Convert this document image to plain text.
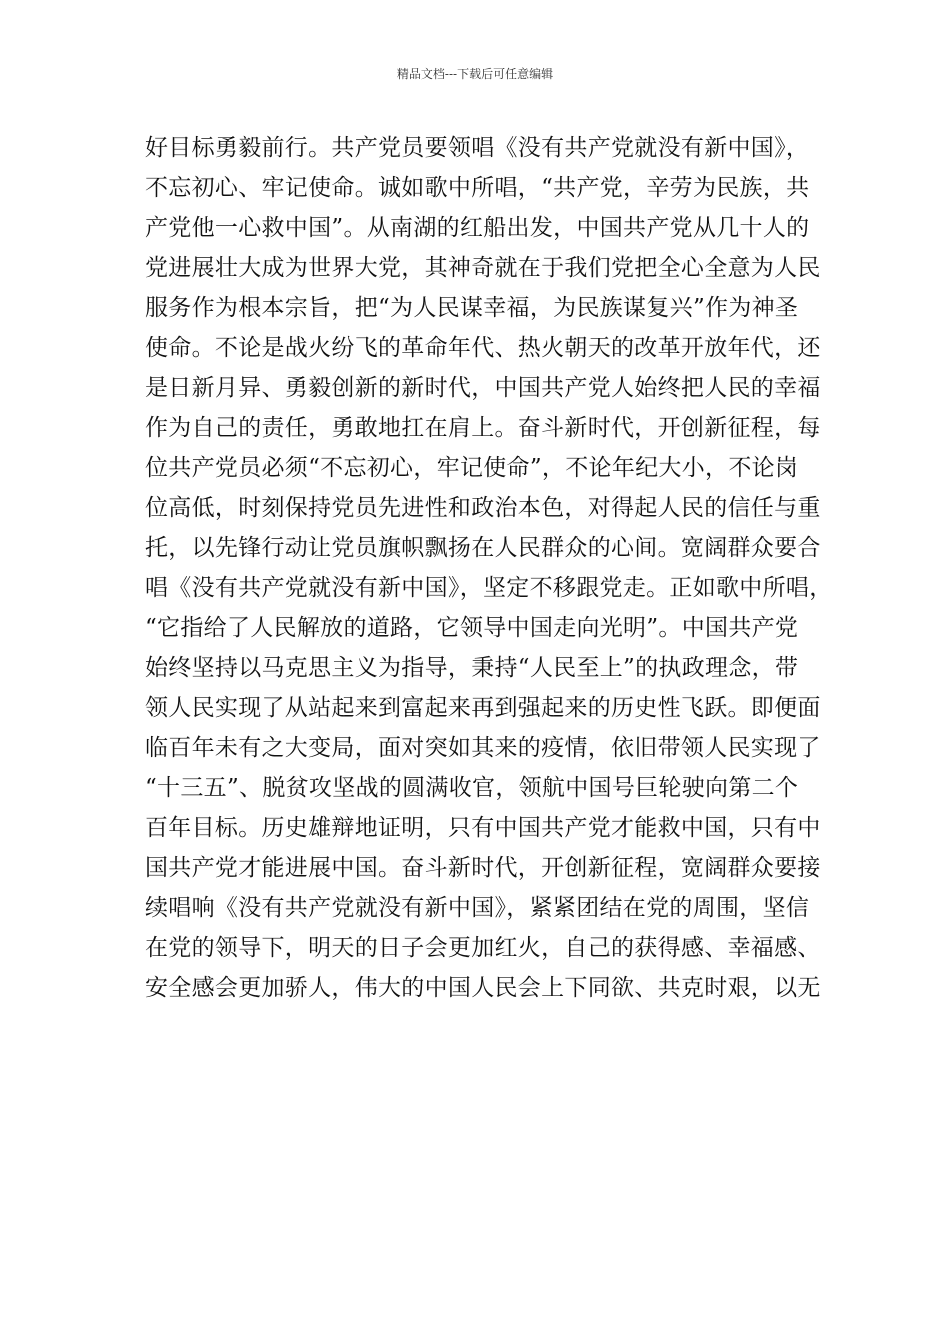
精品文档---下载后可任意编辑
好目标勇毅前行。共产党员要领唱《没有共产党就没有新中国》，
不忘初心、牢记使命。诚如歌中所唱，“共产党，辛劳为民族，共
产党他一心救中国”。从南湖的红船出发，中国共产党从几十人的
党进展壮大成为世界大党，其神奇就在于我们党把全心全意为人民
服务作为根本宗旨，把“为人民谋幸福，为民族谋复兴”作为神圣
使命。不论是战火纷飞的革命年代、热火朝天的改革开放年代，还
是日新月异、勇毅创新的新时代，中国共产党人始终把人民的幸福
作为自己的责任，勇敢地扛在肩上。奋斗新时代，开创新征程，每
位共产党员必须“不忘初心，牢记使命”，不论年纪大小，不论岗
位高低，时刻保持党员先进性和政治本色，对得起人民的信任与重
托，以先锋行动让党员旗帜飘扬在人民群众的心间。宽阔群众要合
唱《没有共产党就没有新中国》，坚定不移跟党走。正如歌中所唱，
“它指给了人民解放的道路，它领导中国走向光明”。中国共产党
始终坚持以马克思主义为指导，秉持“人民至上”的执政理念，带
领人民实现了从站起来到富起来再到强起来的历史性飞跃。即便面
临百年未有之大变局，面对突如其来的疫情，依旧带领人民实现了
“十三五”、脱贫攻坚战的圆满收官，领航中国号巨轮驶向第二个
百年目标。历史雄辩地证明，只有中国共产党才能救中国，只有中
国共产党才能进展中国。奋斗新时代，开创新征程，宽阔群众要接
续唱响《没有共产党就没有新中国》，紧紧团结在党的周围，坚信
在党的领导下，明天的日子会更加红火，自己的获得感、幸福感、
安全感会更加骄人，伟大的中国人民会上下同欲、共克时艰，以无
